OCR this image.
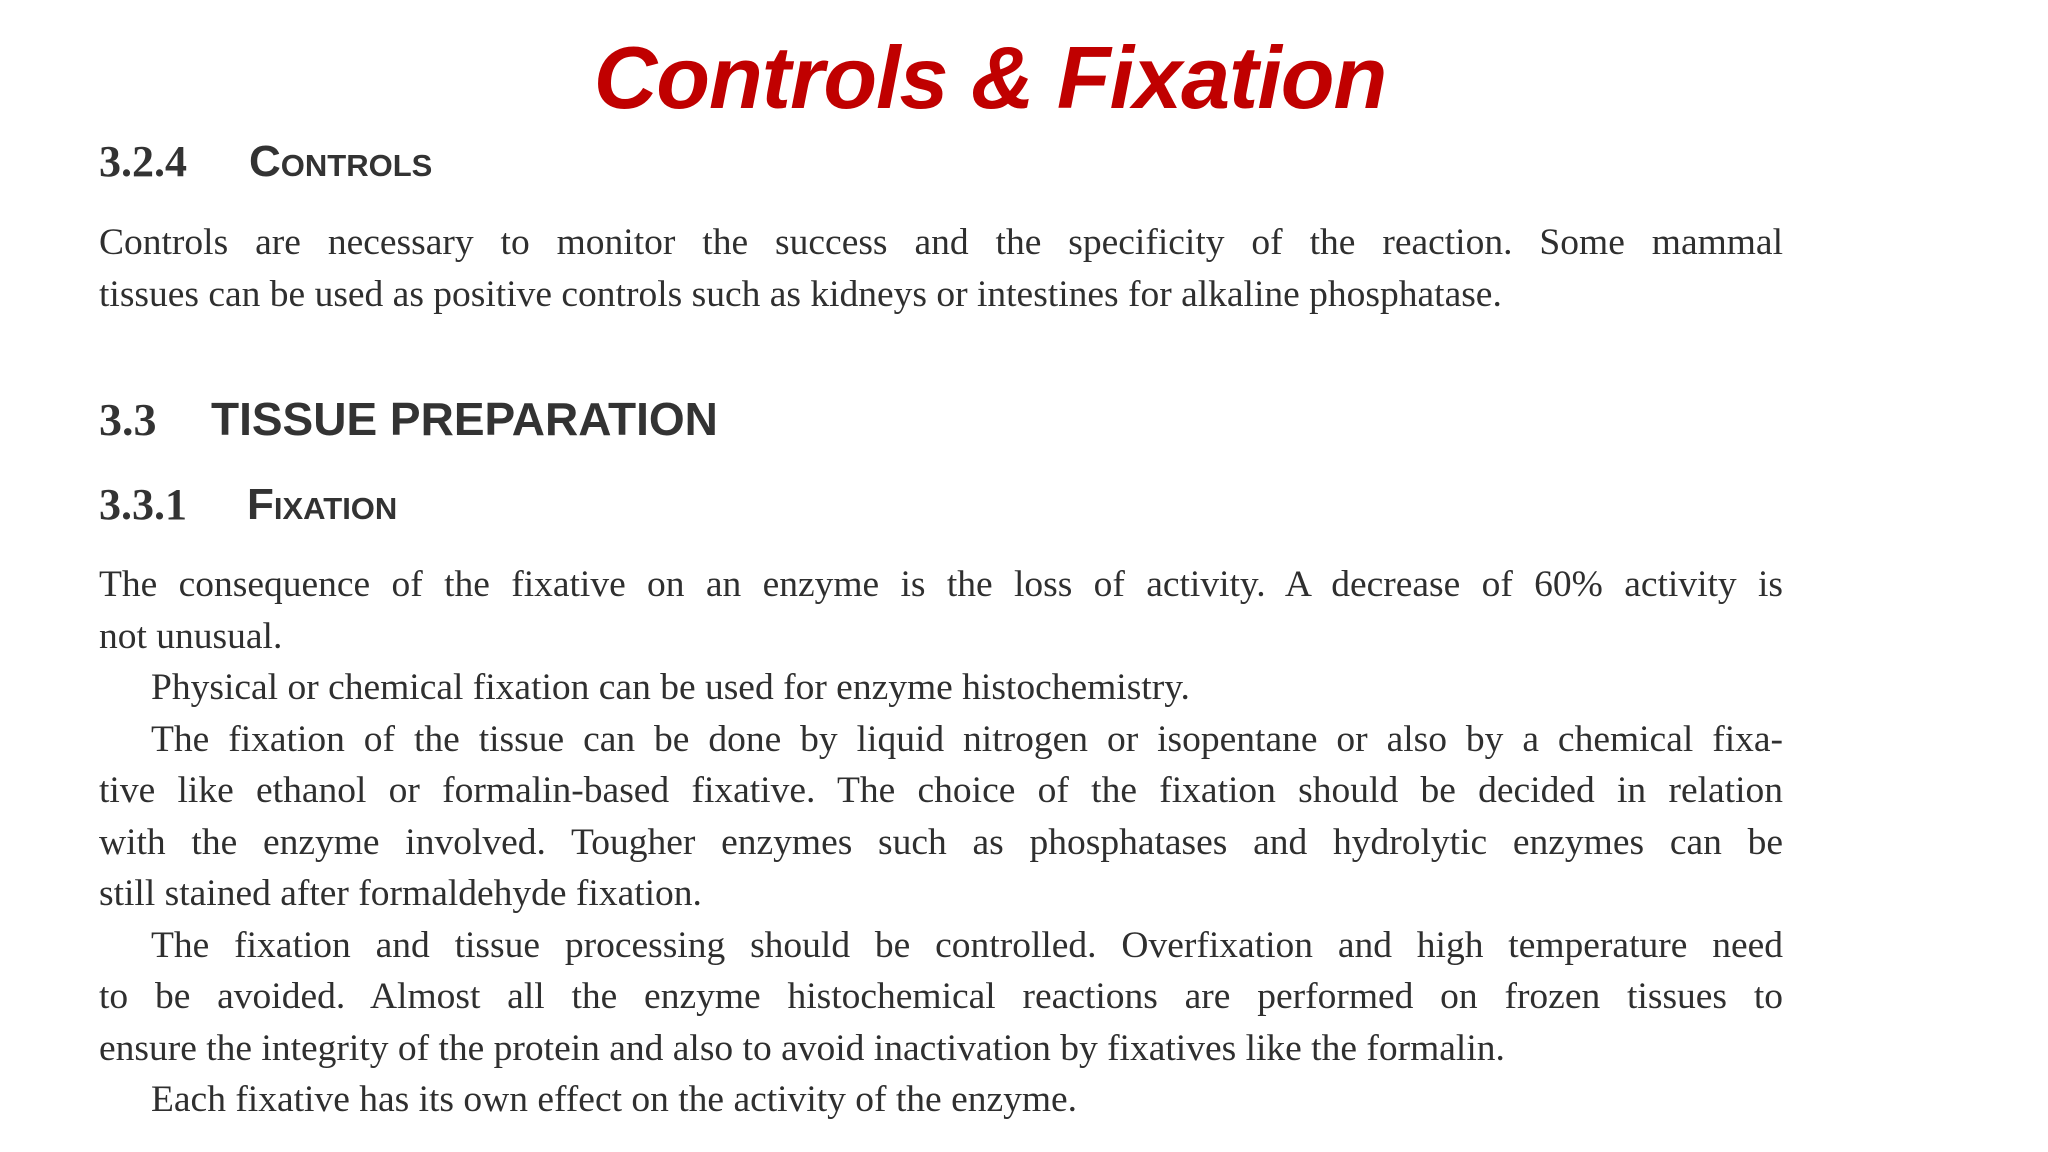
Controls & Fixation
3.2.4 Controls
Controls are necessary to monitor the success and the specificity of the reaction. Some mammal
tissues can be used as positive controls such as kidneys or intestines for alkaline phosphatase.
3.3 TISSUE PREPARATION
3.3.1 Fixation
The consequence of the fixative on an enzyme is the loss of activity. A decrease of 60% activity is
not unusual.
Physical or chemical fixation can be used for enzyme histochemistry.
The fixation of the tissue can be done by liquid nitrogen or isopentane or also by a chemical fixa-
tive like ethanol or formalin-based fixative. The choice of the fixation should be decided in relation
with the enzyme involved. Tougher enzymes such as phosphatases and hydrolytic enzymes can be
still stained after formaldehyde fixation.
The fixation and tissue processing should be controlled. Overfixation and high temperature need
to be avoided. Almost all the enzyme histochemical reactions are performed on frozen tissues to
ensure the integrity of the protein and also to avoid inactivation by fixatives like the formalin.
Each fixative has its own effect on the activity of the enzyme.
